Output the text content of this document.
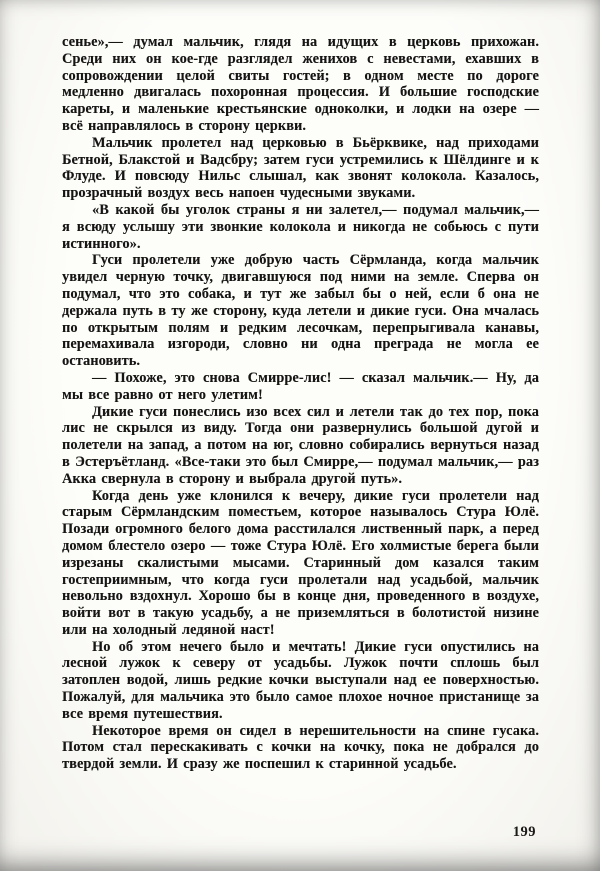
сенье»,— думал мальчик, глядя на идущих в церковь прихожан. Среди них он кое-где разглядел женихов с невестами, ехавших в сопровождении целой свиты гостей; в одном месте по дороге медленно двигалась похоронная процессия. И большие господские кареты, и маленькие крестьянские одноколки, и лодки на озере — всё направлялось в сторону церкви.

Мальчик пролетел над церковью в Бьёрквике, над приходами Бетной, Блакстой и Вадсбру; затем гуси устремились к Шёлдинге и к Флуде. И повсюду Нильс слышал, как звонят колокола. Казалось, прозрачный воздух весь напоен чудесными звуками.

«В какой бы уголок страны я ни залетел,— подумал мальчик,— я всюду услышу эти звонкие колокола и никогда не собьюсь с пути истинного».

Гуси пролетели уже добрую часть Сёрмланда, когда мальчик увидел черную точку, двигавшуюся под ними на земле. Сперва он подумал, что это собака, и тут же забыл бы о ней, если б она не держала путь в ту же сторону, куда летели и дикие гуси. Она мчалась по открытым полям и редким лесочкам, перепрыгивала канавы, перемахивала изгороди, словно ни одна преграда не могла ее остановить.

— Похоже, это снова Смирре-лис! — сказал мальчик.— Ну, да мы все равно от него улетим!

Дикие гуси понеслись изо всех сил и летели так до тех пор, пока лис не скрылся из виду. Тогда они развернулись большой дугой и полетели на запад, а потом на юг, словно собирались вернуться назад в Эстеръётланд. «Все-таки это был Смирре,— подумал мальчик,— раз Акка свернула в сторону и выбрала другой путь».

Когда день уже клонился к вечеру, дикие гуси пролетели над старым Сёрмландским поместьем, которое называлось Стура Юлё. Позади огромного белого дома расстилался лиственный парк, а перед домом блестело озеро — тоже Стура Юлё. Его холмистые берега были изрезаны скалистыми мысами. Старинный дом казался таким гостеприимным, что когда гуси пролетали над усадьбой, мальчик невольно вздохнул. Хорошо бы в конце дня, проведенного в воздухе, войти вот в такую усадьбу, а не приземляться в болотистой низине или на холодный ледяной наст!

Но об этом нечего было и мечтать! Дикие гуси опустились на лесной лужок к северу от усадьбы. Лужок почти сплошь был затоплен водой, лишь редкие кочки выступали над ее поверхностью. Пожалуй, для мальчика это было самое плохое ночное пристанище за все время путешествия.

Некоторое время он сидел в нерешительности на спине гусака. Потом стал перескакивать с кочки на кочку, пока не добрался до твердой земли. И сразу же поспешил к старинной усадьбе.

199
